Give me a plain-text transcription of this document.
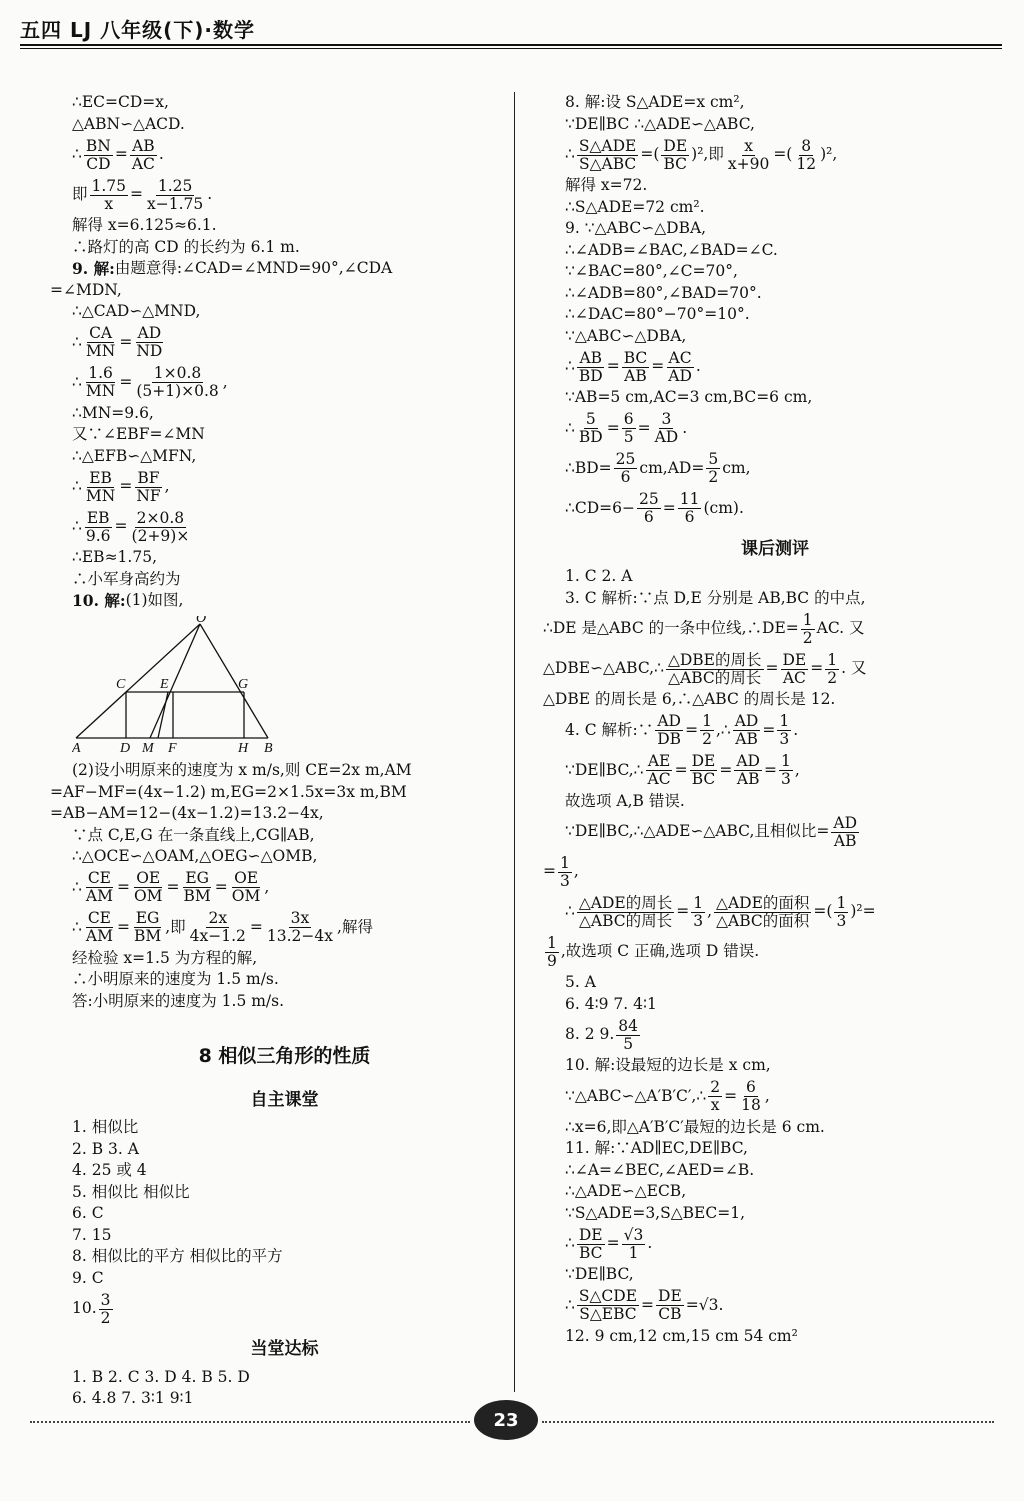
五四 LJ 八年级(下)·数学
∴EC=CD=x,
△ABN∽△ACD.
∴ $\frac{BN}{CD} = \frac{AB}{AC}$ .
即 $\frac{1.75}{x} = \frac{1.25}{x-1.75}$ .
解得 x=6.125≈6.1.
∴路灯的高 CD 的长约为 6.1 m.
9. 解: 由题意得:∠CAD=∠MND=90°,∠CDA
=∠MDN,
∴△CAD∽△MND,
∴ $\frac{CA}{MN} = \frac{AD}{ND}$
∴ $\frac{1.6}{MN} = \frac{1\times 0.8}{(5+1)\times 0.8}$ ,
∴MN=9.6,
又∵∠EBF=∠MN
∴△EFB∽△MFN,
∴ $\frac{EB}{MN} = \frac{BF}{NF}$ ,
∴ $\frac{EB}{9.6} = \frac{2\times 0.8}{(2+9)\times}$
∴EB≈1.75,
∴小军身高约为
10. 解: (1)如图,
O
C E	G
A	D M F	H B
(2)设小明原来的速度为 x m/s,则 CE=2x m,AM
=AF−MF=(4x−1.2) m,EG=2×1.5x=3x m,BM
=AB−AM=12−(4x−1.2)=13.2−4x,
∵点 C,E,G 在一条直线上,CG∥AB,
∴△OCE∽△OAM,△OEG∽△OMB,
∴ $\frac{CE}{AM} = \frac{OE}{OM} = \frac{EG}{BM} = \frac{OE}{OM}$ ,
∴ $\frac{CE}{AM} = \frac{EG}{BM}$ ,即 $\frac{2x}{4x-1.2} = \frac{3x}{13.2-4x}$ ,解得
经检验 x=1.5 为方程的解,
∴小明原来的速度为 1.5 m/s.
答:小明原来的速度为 1.5 m/s.
8 相似三角形的性质
自主课堂
1. 相似比
2. B 3. A
4. 25 或 4
5. 相似比 相似比
6. C
7. 15
8. 相似比的平方 相似比的平方
9. C
10. $\frac{3}{2}$
当堂达标
1. B 2. C 3. D 4. B 5. D
6. 4.8 7. 3∶1 9∶1
8. 解:设 S△ADE=x cm²,
∵DE∥BC ∴△ADE∽△ABC,
∴ $\frac{\text{S△ADE}}{\text{S△ABC}}$ =( $\frac{DE}{BC} )^2$,即 $\frac{x}{x+90}$ =( $\frac{8}{12} )^2$,
解得 x=72.
∴S△ADE=72 cm².
9. ∵△ABC∽△DBA,
∴∠ADB=∠BAC,∠BAD=∠C.
∵∠BAC=80°,∠C=70°,
∴∠ADB=80°,∠BAD=70°.
∴∠DAC=80°−70°=10°.
∵△ABC∽△DBA,
∴ $\frac{AB}{BD} = \frac{BC}{AB} = \frac{AC}{AD}$ .
∵AB=5 cm,AC=3 cm,BC=6 cm,
∴ $\frac{5}{BD} = \frac{6}{5} = \frac{3}{AD}$ .
∴BD= $\frac{25}{6} cm,AD= \frac{5}{2}$ cm,
∴CD=6− $\frac{25}{6} = \frac{11}{6} (cm)$.
课后测评
1. C 2. A
3. C 解析:∵点 D,E 分别是 AB,BC 的中点,
∴DE 是△ABC 的一条中位线,∴DE= $\frac{1}{2}$ AC. 又
△DBE∽△ABC,∴ $\frac{\text{△DBE的周长}}{\text{△ABC的周长}} = \frac{DE}{AC} = \frac{1}{2}$ . 又
△DBE 的周长是 6,∴△ABC 的周长是 12.
4. C 解析:∵ $\frac{AD}{DB} = \frac{1}{2}$ ,∴ $\frac{AD}{AB} = \frac{1}{3}$ .
∵DE∥BC,∴ $\frac{AE}{AC} = \frac{DE}{BC} = \frac{AD}{AB} = \frac{1}{3}$ ,
故选项 A,B 错误.
∵DE∥BC,∴△ADE∽△ABC,且相似比= $\frac{AD}{AB}$
= $\frac{1}{3}$ ,
∴ $\frac{\text{△ADE的周长}}{\text{△ABC的周长}} = \frac{1}{3}$ , $\frac{\text{△ADE的面积}}{\text{△ABC的面积}}$ =( $\frac{1}{3} )^2=$
$\frac{1}{9}$ ,故选项 C 正确,选项 D 错误.
5. A
6. 4∶9 7. 4∶1
8. 2 9. $\frac{84}{5}$
10. 解:设最短的边长是 x cm,
∵△ABC∽△A′B′C′,∴ $\frac{2}{x} = \frac{6}{18}$ ,
∴x=6,即△A′B′C′最短的边长是 6 cm.
11. 解:∵AD∥EC,DE∥BC,
∴∠A=∠BEC,∠AED=∠B.
∴△ADE∽△ECB,
∵S△ADE=3,S△BEC=1,
∴ $\frac{DE}{BC} = \frac{√3}{1}$ .
∵DE∥BC,
∴ $\frac{\text{S△CDE}}{\text{S△EBC}} = \frac{DE}{CB} =√3$.
12. 9 cm,12 cm,15 cm 54 cm²
23
